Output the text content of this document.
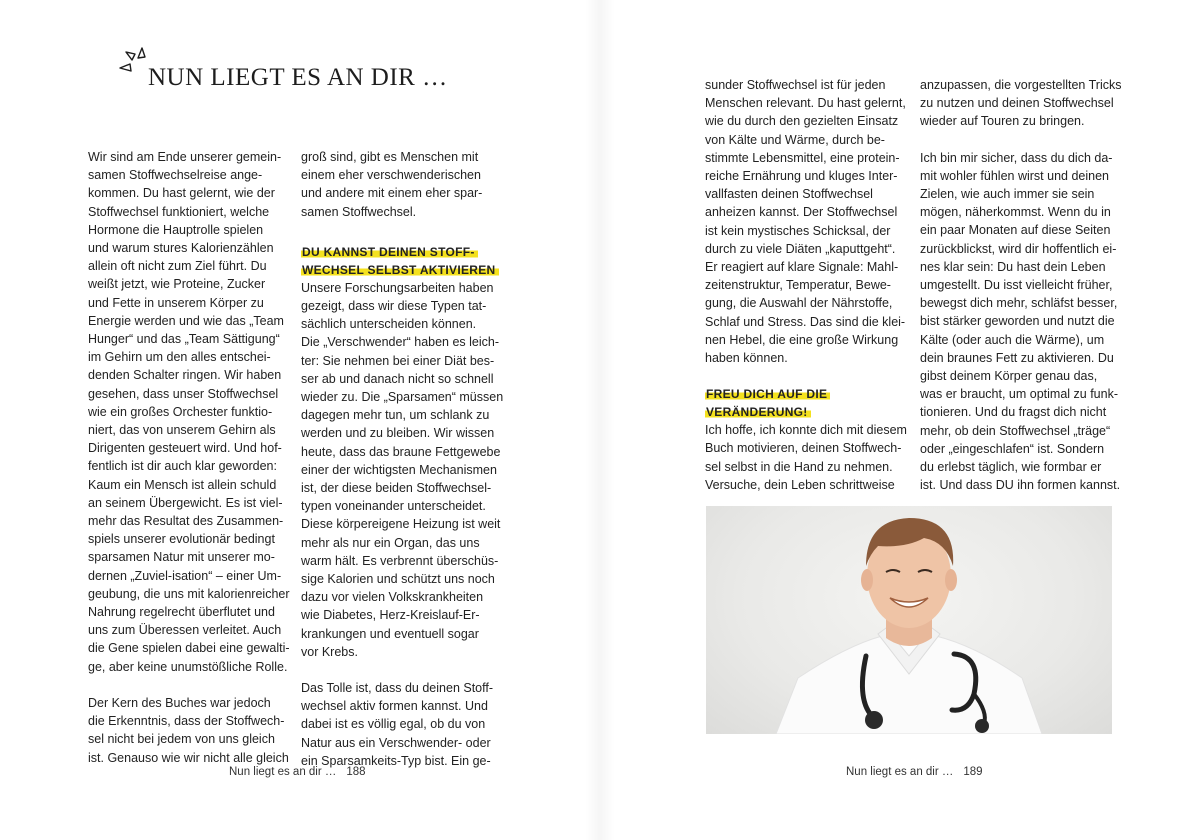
NUN LIEGT ES AN DIR …
Wir sind am Ende unserer gemein-
samen Stoffwechselreise ange-
kommen. Du hast gelernt, wie der
Stoffwechsel funktioniert, welche
Hormone die Hauptrolle spielen
und warum stures Kalorienzählen
allein oft nicht zum Ziel führt. Du
weißt jetzt, wie Proteine, Zucker
und Fette in unserem Körper zu
Energie werden und wie das „Team
Hunger“ und das „Team Sättigung“
im Gehirn um den alles entschei-
denden Schalter ringen. Wir haben
gesehen, dass unser Stoffwechsel
wie ein großes Orchester funktio-
niert, das von unserem Gehirn als
Dirigenten gesteuert wird. Und hof-
fentlich ist dir auch klar geworden:
Kaum ein Mensch ist allein schuld
an seinem Übergewicht. Es ist viel-
mehr das Resultat des Zusammen-
spiels unserer evolutionär bedingt
sparsamen Natur mit unserer mo-
dernen „Zuviel-isation“ – einer Um-
geubung, die uns mit kalorienreicher
Nahrung regelrecht überflutet und
uns zum Überessen verleitet. Auch
die Gene spielen dabei eine gewalti-
ge, aber keine unumstößliche Rolle.
Der Kern des Buches war jedoch
die Erkenntnis, dass der Stoffwech-
sel nicht bei jedem von uns gleich
ist. Genauso wie wir nicht alle gleich
groß sind, gibt es Menschen mit
einem eher verschwenderischen
und andere mit einem eher spar-
samen Stoffwechsel.
DU KANNST DEINEN STOFF-
WECHSEL SELBST AKTIVIEREN
Unsere Forschungsarbeiten haben
gezeigt, dass wir diese Typen tat-
sächlich unterscheiden können.
Die „Verschwender“ haben es leich-
ter: Sie nehmen bei einer Diät bes-
ser ab und danach nicht so schnell
wieder zu. Die „Sparsamen“ müssen
dagegen mehr tun, um schlank zu
werden und zu bleiben. Wir wissen
heute, dass das braune Fettgewebe
einer der wichtigsten Mechanismen
ist, der diese beiden Stoffwechsel-
typen voneinander unterscheidet.
Diese körpereigene Heizung ist weit
mehr als nur ein Organ, das uns
warm hält. Es verbrennt überschüs-
sige Kalorien und schützt uns noch
dazu vor vielen Volkskrankheiten
wie Diabetes, Herz-Kreislauf-Er-
krankungen und eventuell sogar
vor Krebs.
Das Tolle ist, dass du deinen Stoff-
wechsel aktiv formen kannst. Und
dabei ist es völlig egal, ob du von
Natur aus ein Verschwender- oder
ein Sparsamkeits-Typ bist. Ein ge-
sunder Stoffwechsel ist für jeden
Menschen relevant. Du hast gelernt,
wie du durch den gezielten Einsatz
von Kälte und Wärme, durch be-
stimmte Lebensmittel, eine protein-
reiche Ernährung und kluges Inter-
vallfasten deinen Stoffwechsel
anheizen kannst. Der Stoffwechsel
ist kein mystisches Schicksal, der
durch zu viele Diäten „kaputtgeht“.
Er reagiert auf klare Signale: Mahl-
zeitenstruktur, Temperatur, Bewe-
gung, die Auswahl der Nährstoffe,
Schlaf und Stress. Das sind die klei-
nen Hebel, die eine große Wirkung
haben können.
FREU DICH AUF DIE
VERÄNDERUNG!
Ich hoffe, ich konnte dich mit diesem
Buch motivieren, deinen Stoffwech-
sel selbst in die Hand zu nehmen.
Versuche, dein Leben schrittweise
anzupassen, die vorgestellten Tricks
zu nutzen und deinen Stoffwechsel
wieder auf Touren zu bringen.
Ich bin mir sicher, dass du dich da-
mit wohler fühlen wirst und deinen
Zielen, wie auch immer sie sein
mögen, näherkommst. Wenn du in
ein paar Monaten auf diese Seiten
zurückblickst, wird dir hoffentlich ei-
nes klar sein: Du hast dein Leben
umgestellt. Du isst vielleicht früher,
bewegst dich mehr, schläfst besser,
bist stärker geworden und nutzt die
Kälte (oder auch die Wärme), um
dein braunes Fett zu aktivieren. Du
gibst deinem Körper genau das,
was er braucht, um optimal zu funk-
tionieren. Und du fragst dich nicht
mehr, ob dein Stoffwechsel „träge“
oder „eingeschlafen“ ist. Sondern
du erlebst täglich, wie formbar er
ist. Und dass DU ihn formen kannst.
Nun liegt es an dir … 188	Nun liegt es an dir … 189
